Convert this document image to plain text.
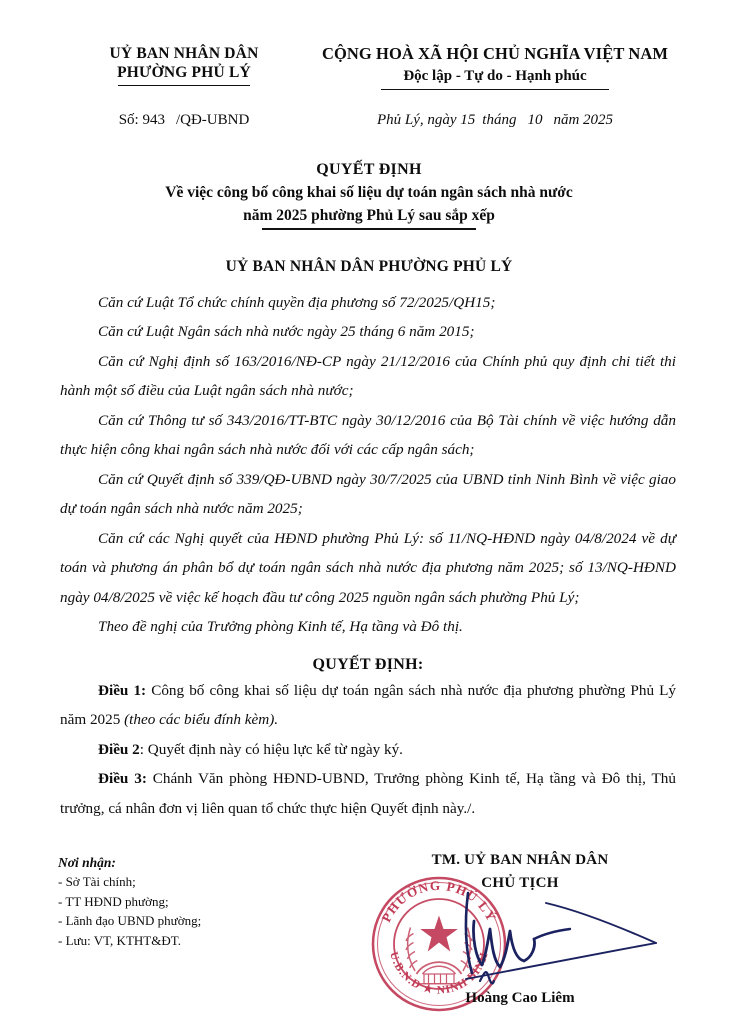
UỶ BAN NHÂN DÂN
PHƯỜNG PHỦ LÝ
CỘNG HOÀ XÃ HỘI CHỦ NGHĨA VIỆT NAM
Độc lập - Tự do - Hạnh phúc
Số: 943 /QĐ-UBND	Phủ Lý, ngày 15 tháng 10 năm 2025
QUYẾT ĐỊNH
Về việc công bố công khai số liệu dự toán ngân sách nhà nước
năm 2025 phường Phủ Lý sau sắp xếp
UỶ BAN NHÂN DÂN PHƯỜNG PHỦ LÝ

Căn cứ Luật Tổ chức chính quyền địa phương số 72/2025/QH15;

Căn cứ Luật Ngân sách nhà nước ngày 25 tháng 6 năm 2015;

Căn cứ Nghị định số 163/2016/NĐ-CP ngày 21/12/2016 của Chính phủ quy định chi tiết thi hành một số điều của Luật ngân sách nhà nước;

Căn cứ Thông tư số 343/2016/TT-BTC ngày 30/12/2016 của Bộ Tài chính về việc hướng dẫn thực hiện công khai ngân sách nhà nước đối với các cấp ngân sách;

Căn cứ Quyết định số 339/QĐ-UBND ngày 30/7/2025 của UBND tỉnh Ninh Bình về việc giao dự toán ngân sách nhà nước năm 2025;

Căn cứ các Nghị quyết của HĐND phường Phủ Lý: số 11/NQ-HĐND ngày 04/8/2024 về dự toán và phương án phân bổ dự toán ngân sách nhà nước địa phương năm 2025; số 13/NQ-HĐND ngày 04/8/2025 về việc kế hoạch đầu tư công 2025 nguồn ngân sách phường Phủ Lý;

Theo đề nghị của Trưởng phòng Kinh tế, Hạ tầng và Đô thị.

QUYẾT ĐỊNH:

Điều 1: Công bố công khai số liệu dự toán ngân sách nhà nước địa phương phường Phủ Lý năm 2025 (theo các biểu đính kèm).

Điều 2: Quyết định này có hiệu lực kể từ ngày ký.

Điều 3: Chánh Văn phòng HĐND-UBND, Trưởng phòng Kinh tế, Hạ tầng và Đô thị, Thủ trưởng, cá nhân đơn vị liên quan tổ chức thực hiện Quyết định này./.

Nơi nhận:
- Sở Tài chính;
- TT HĐND phường;
- Lãnh đạo UBND phường;
- Lưu: VT, KTHT&ĐT.
TM. UỶ BAN NHÂN DÂN
CHỦ TỊCH
PHƯỜNG PHỦ LÝ
U.B.N.D ★ NINH BÌNH
Hoàng Cao Liêm
